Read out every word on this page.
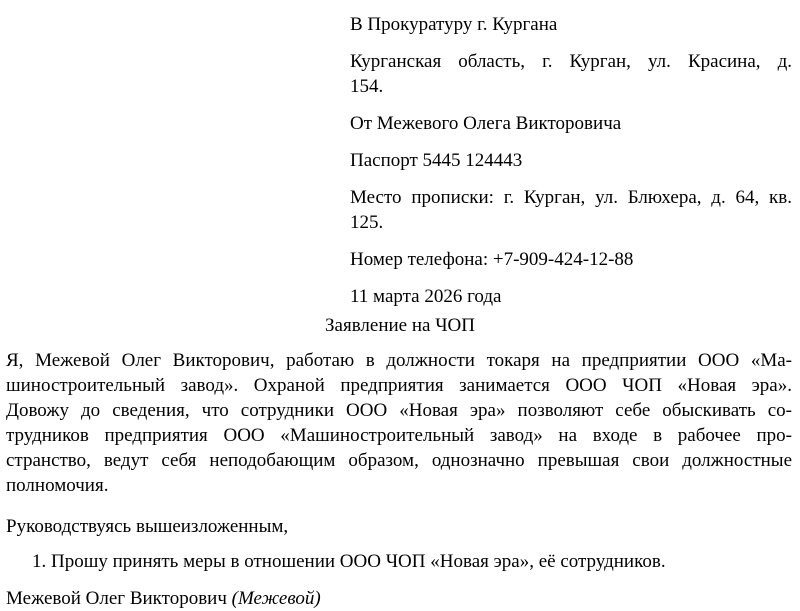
В Прокуратуру г. Кургана

Курганская область, г. Курган, ул. Красина, д.
154.

От Межевого Олега Викторовича

Паспорт 5445 124443

Место прописки: г. Курган, ул. Блюхера, д. 64, кв.
125.

Номер телефона: +7-909-424-12-88

11 марта 2026 года

Заявление на ЧОП

Я, Межевой Олег Викторович, работаю в должности токаря на предприятии ООО «Ма-
шиностроительный завод». Охраной предприятия занимается ООО ЧОП «Новая эра».
Довожу до сведения, что сотрудники ООО «Новая эра» позволяют себе обыскивать со-
трудников предприятия ООО «Машиностроительный завод» на входе в рабочее про-
странство, ведут себя неподобающим образом, однозначно превышая свои должностные
полномочия.

Руководствуясь вышеизложенным,

1. Прошу принять меры в отношении ООО ЧОП «Новая эра», её сотрудников.

Межевой Олег Викторович (Межевой)
